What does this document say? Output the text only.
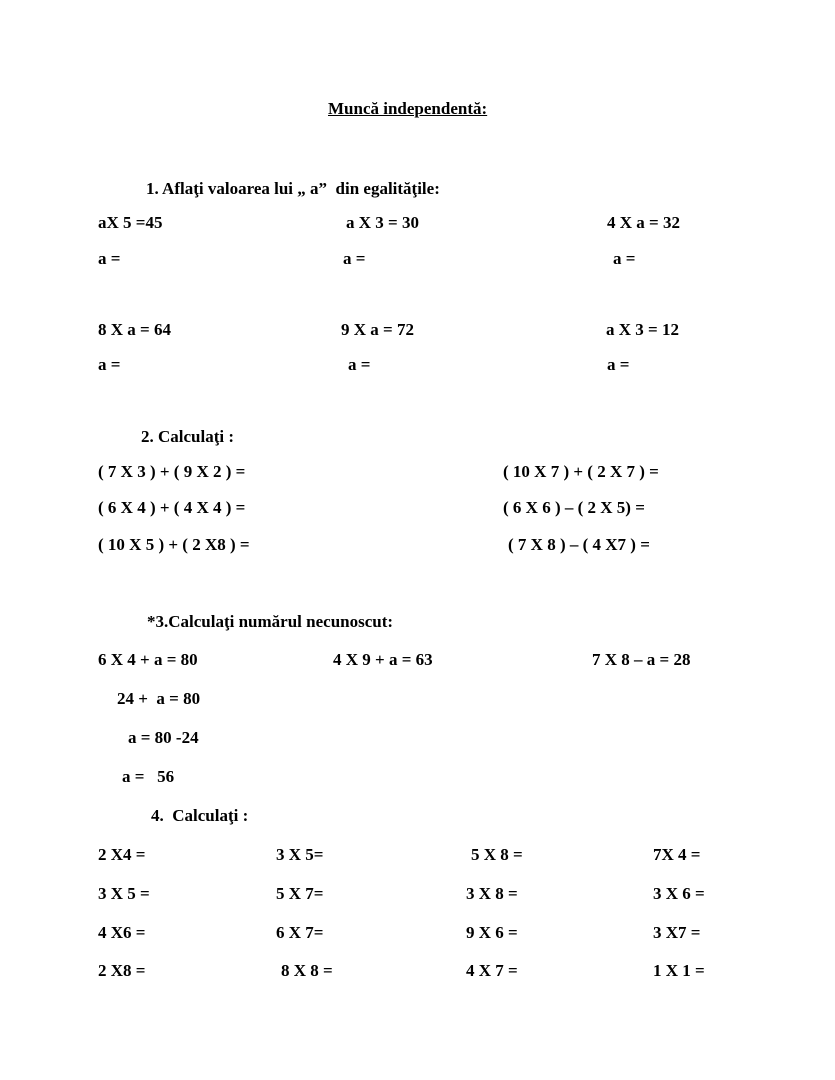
Muncă independentă:
1. Aflaţi valoarea lui „ a”  din egalităţile:
aX 5 =45	a X 3 = 30	4 X a = 32
a =	a =	a =
8 X a = 64	9 X a = 72	a X 3 = 12
a =	a =	a =
2. Calculaţi :
( 7 X 3 ) + ( 9 X 2 ) =	( 10 X 7 ) + ( 2 X 7 ) =
( 6 X 4 ) + ( 4 X 4 ) =	( 6 X 6 ) – ( 2 X 5) =
( 10 X 5 ) + ( 2 X8 ) =	( 7 X 8 ) – ( 4 X7 ) =
*3.Calculaţi numărul necunoscut:
6 X 4 + a = 80	4 X 9 + a = 63	7 X 8 – a = 28
24 +  a = 80
a = 80 -24
a =   56
4.  Calculaţi :
2 X4 =	3 X 5=	5 X 8 =	7X 4 =
3 X 5 =	5 X 7=	3 X 8 =	3 X 6 =
4 X6 =	6 X 7=	9 X 6 =	3 X7 =
2 X8 =	8 X 8 =	4 X 7 =	1 X 1 =
